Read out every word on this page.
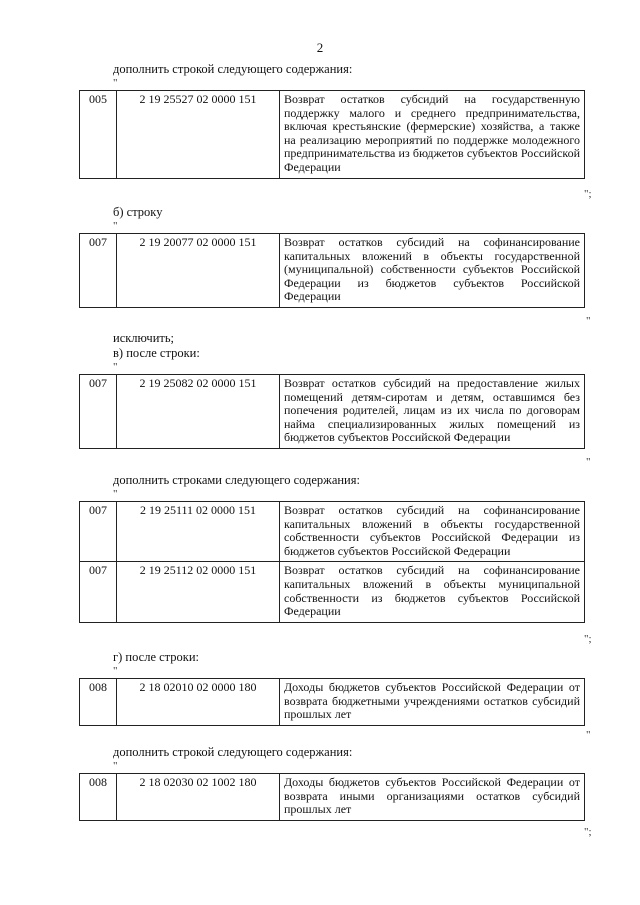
2
дополнить строкой следующего содержания:
"
005	2 19 25527 02 0000 151	Возврат остатков субсидий на государственную поддержку малого и среднего предпринимательства, включая крестьянские (фермерские) хозяйства, а также на реализацию мероприятий по поддержке молодежного предпринимательства из бюджетов субъектов Российской Федерации
";
б) строку
"
007	2 19 20077 02 0000 151	Возврат остатков субсидий на софинансирование капитальных вложений в объекты государственной (муниципальной) собственности субъектов Российской Федерации из бюджетов субъектов Российской Федерации
"
исключить;
в) после строки:
"
007	2 19 25082 02 0000 151	Возврат остатков субсидий на предоставление жилых помещений детям-сиротам и детям, оставшимся без попечения родителей, лицам из их числа по договорам найма специализированных жилых помещений из бюджетов субъектов Российской Федерации
"
дополнить строками следующего содержания:
"
007	2 19 25111 02 0000 151	Возврат остатков субсидий на софинансирование капитальных вложений в объекты государственной собственности субъектов Российской Федерации из бюджетов субъектов Российской Федерации
007	2 19 25112 02 0000 151	Возврат остатков субсидий на софинансирование капитальных вложений в объекты муниципальной собственности из бюджетов субъектов Российской Федерации
";
г) после строки:
"
008	2 18 02010 02 0000 180	Доходы бюджетов субъектов Российской Федерации от возврата бюджетными учреждениями остатков субсидий прошлых лет
"
дополнить строкой следующего содержания:
"
008	2 18 02030 02 1002 180	Доходы бюджетов субъектов Российской Федерации от возврата иными организациями остатков субсидий прошлых лет
";
